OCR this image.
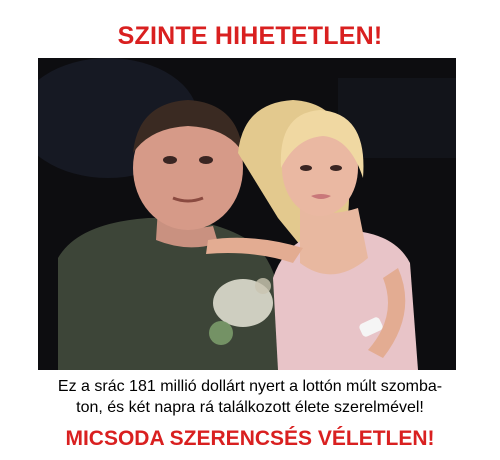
SZINTE HIHETETLEN!
Ez a srác 181 millió dollárt nyert a lottón múlt szomba-
ton, és két napra rá találkozott élete szerelmével!
MICSODA SZERENCSÉS VÉLETLEN!
